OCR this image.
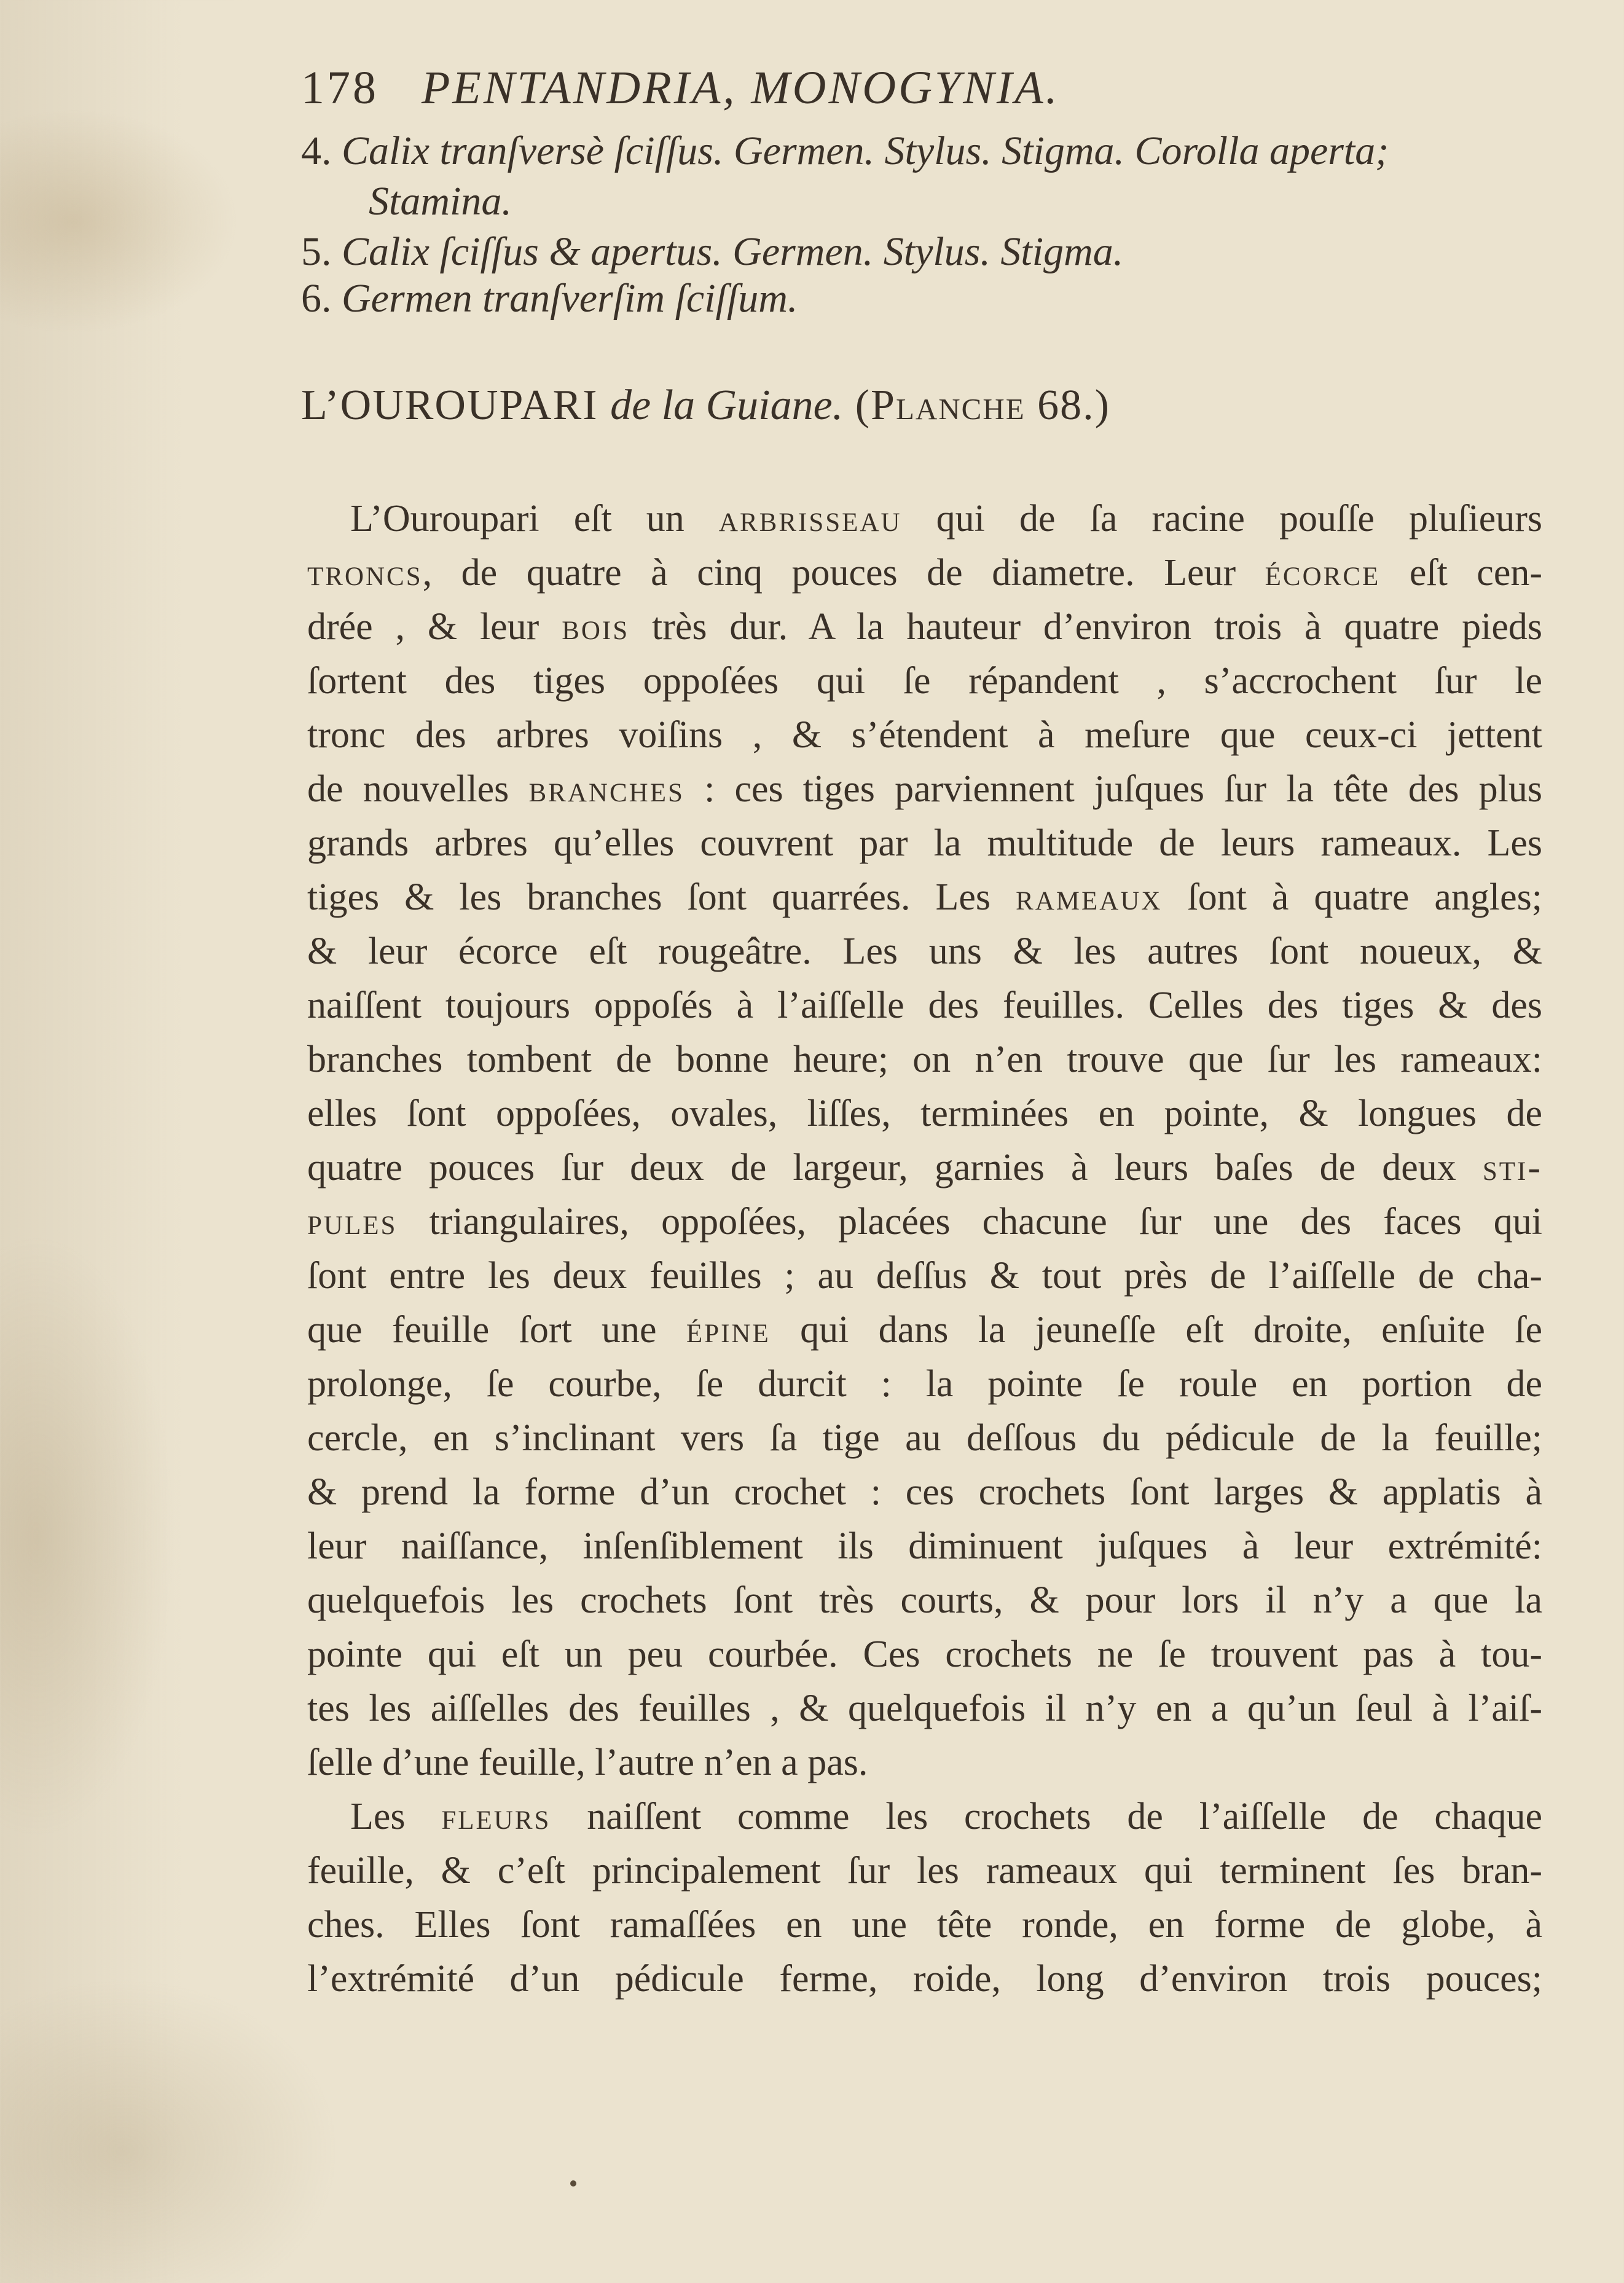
178 PENTANDRIA, MONOGYNIA.
4. Calix tranſversè ſciſſus. Germen. Stylus. Stigma. Corolla aperta;
Stamina.
5. Calix ſciſſus & apertus. Germen. Stylus. Stigma.
6. Germen tranſverſim ſciſſum.
L’OUROUPARI de la Guiane. (Planche 68.)
L’Ouroupari eſt un arbrisseau qui de ſa racine pouſſe pluſieurs
troncs, de quatre à cinq pouces de diametre. Leur écorce eſt cen-
drée , & leur bois très dur. A la hauteur d’environ trois à quatre pieds
ſortent des tiges oppoſées qui ſe répandent , s’accrochent ſur le
tronc des arbres voiſins , & s’étendent à meſure que ceux-ci jettent
de nouvelles branches : ces tiges parviennent juſques ſur la tête des plus
grands arbres qu’elles couvrent par la multitude de leurs rameaux. Les
tiges & les branches ſont quarrées. Les rameaux ſont à quatre angles;
& leur écorce eſt rougeâtre. Les uns & les autres ſont noueux, &
naiſſent toujours oppoſés à l’aiſſelle des feuilles. Celles des tiges & des
branches tombent de bonne heure; on n’en trouve que ſur les rameaux:
elles ſont oppoſées, ovales, liſſes, terminées en pointe, & longues de
quatre pouces ſur deux de largeur, garnies à leurs baſes de deux sti-
pules triangulaires, oppoſées, placées chacune ſur une des faces qui
ſont entre les deux feuilles ; au deſſus & tout près de l’aiſſelle de cha-
que feuille ſort une épine qui dans la jeuneſſe eſt droite, enſuite ſe
prolonge, ſe courbe, ſe durcit : la pointe ſe roule en portion de
cercle, en s’inclinant vers ſa tige au deſſous du pédicule de la feuille;
& prend la forme d’un crochet : ces crochets ſont larges & applatis à
leur naiſſance, inſenſiblement ils diminuent juſques à leur extrémité:
quelquefois les crochets ſont très courts, & pour lors il n’y a que la
pointe qui eſt un peu courbée. Ces crochets ne ſe trouvent pas à tou-
tes les aiſſelles des feuilles , & quelquefois il n’y en a qu’un ſeul à l’aiſ-
ſelle d’une feuille, l’autre n’en a pas.
Les fleurs naiſſent comme les crochets de l’aiſſelle de chaque
feuille, & c’eſt principalement ſur les rameaux qui terminent ſes bran-
ches. Elles ſont ramaſſées en une tête ronde, en forme de globe, à
l’extrémité d’un pédicule ferme, roide, long d’environ trois pouces;
